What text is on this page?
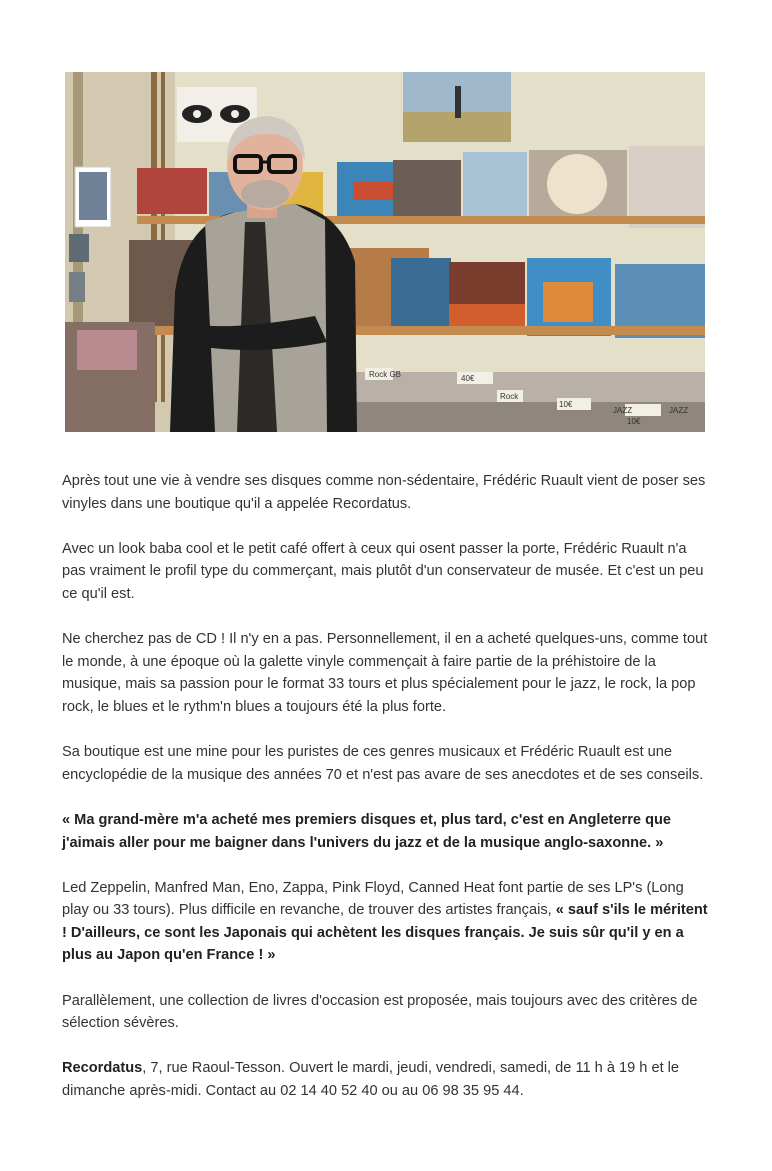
Rock GB	40€
Rock
JAZZ
10€
JAZZ
10€

Après tout une vie à vendre ses disques comme non-sédentaire, Frédéric Ruault vient de poser ses vinyles dans une boutique qu'il a appelée Recordatus.

Avec un look baba cool et le petit café offert à ceux qui osent passer la porte, Frédéric Ruault n'a pas vraiment le profil type du commerçant, mais plutôt d'un conservateur de musée. Et c'est un peu ce qu'il est.

Ne cherchez pas de CD ! Il n'y en a pas. Personnellement, il en a acheté quelques-uns, comme tout le monde, à une époque où la galette vinyle commençait à faire partie de la préhistoire de la musique, mais sa passion pour le format 33 tours et plus spécialement pour le jazz, le rock, la pop rock, le blues et le rythm'n blues a toujours été la plus forte.

Sa boutique est une mine pour les puristes de ces genres musicaux et Frédéric Ruault est une encyclopédie de la musique des années 70 et n'est pas avare de ses anecdotes et de ses conseils.

« Ma grand-mère m'a acheté mes premiers disques et, plus tard, c'est en Angleterre que j'aimais aller pour me baigner dans l'univers du jazz et de la musique anglo-saxonne. »

Led Zeppelin, Manfred Man, Eno, Zappa, Pink Floyd, Canned Heat font partie de ses LP's (Long play ou 33 tours). Plus difficile en revanche, de trouver des artistes français, « sauf s'ils le méritent ! D'ailleurs, ce sont les Japonais qui achètent les disques français. Je suis sûr qu'il y en a plus au Japon qu'en France ! »

Parallèlement, une collection de livres d'occasion est proposée, mais toujours avec des critères de sélection sévères.

Recordatus, 7, rue Raoul-Tesson. Ouvert le mardi, jeudi, vendredi, samedi, de 11 h à 19 h et le dimanche après-midi. Contact au 02 14 40 52 40 ou au 06 98 35 95 44.
